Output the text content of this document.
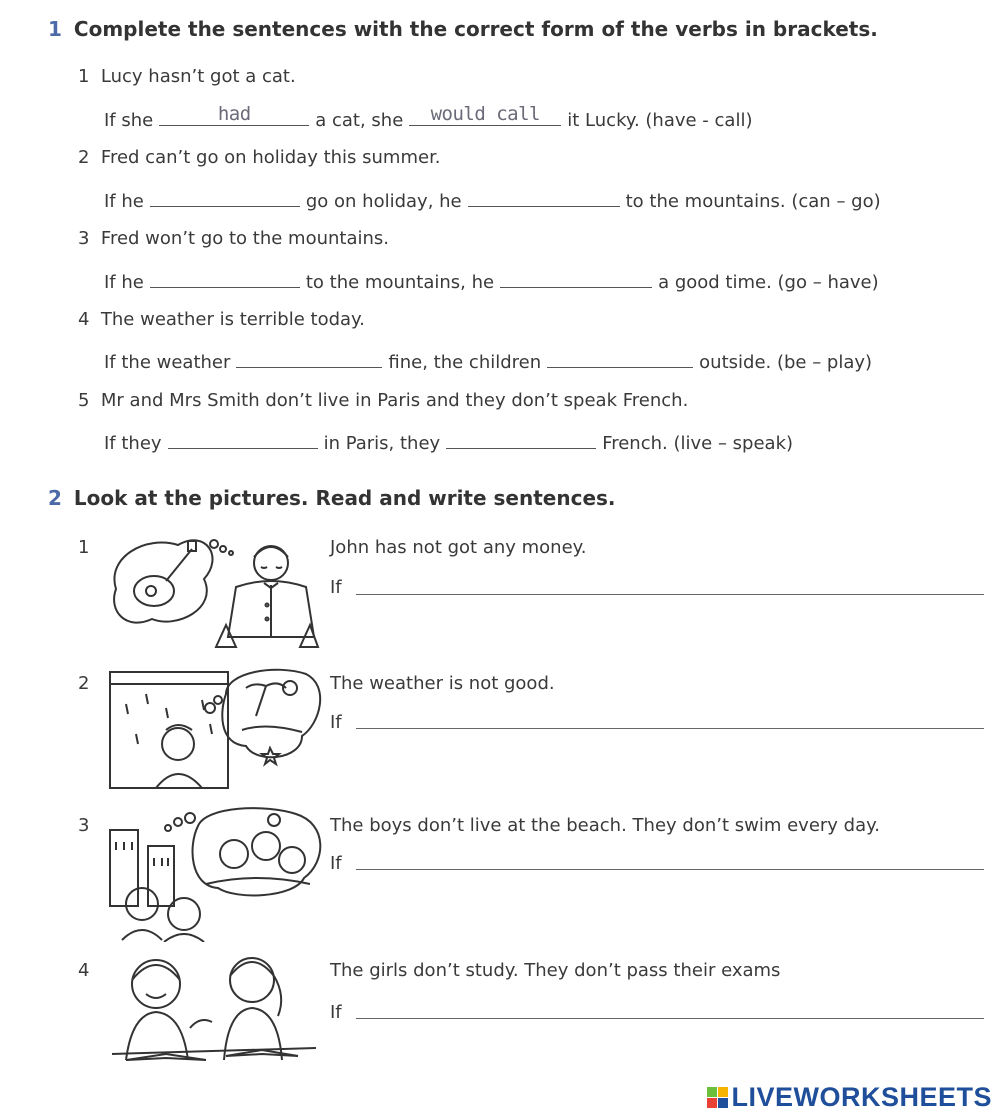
1 Complete the sentences with the correct form of the verbs in brackets.
1 Lucy hasn’t got a cat.
If she	had	a cat, she	would call	it Lucky. (have - call)
2 Fred can’t go on holiday this summer.
If he	go on holiday, he	to the mountains. (can – go)
3 Fred won’t go to the mountains.
If he	to the mountains, he	a good time. (go – have)
4 The weather is terrible today.
If the weather	fine, the children	outside. (be – play)
5 Mr and Mrs Smith don’t live in Paris and they don’t speak French.
If they	in Paris, they	French. (live – speak)
2 Look at the pictures. Read and write sentences.
1	John has not got any money.
If
2	The weather is not good.
If
3	The boys don’t live at the beach. They don’t swim every day.
If
4	The girls don’t study. They don’t pass their exams
If
LIVEWORKSHEETS
